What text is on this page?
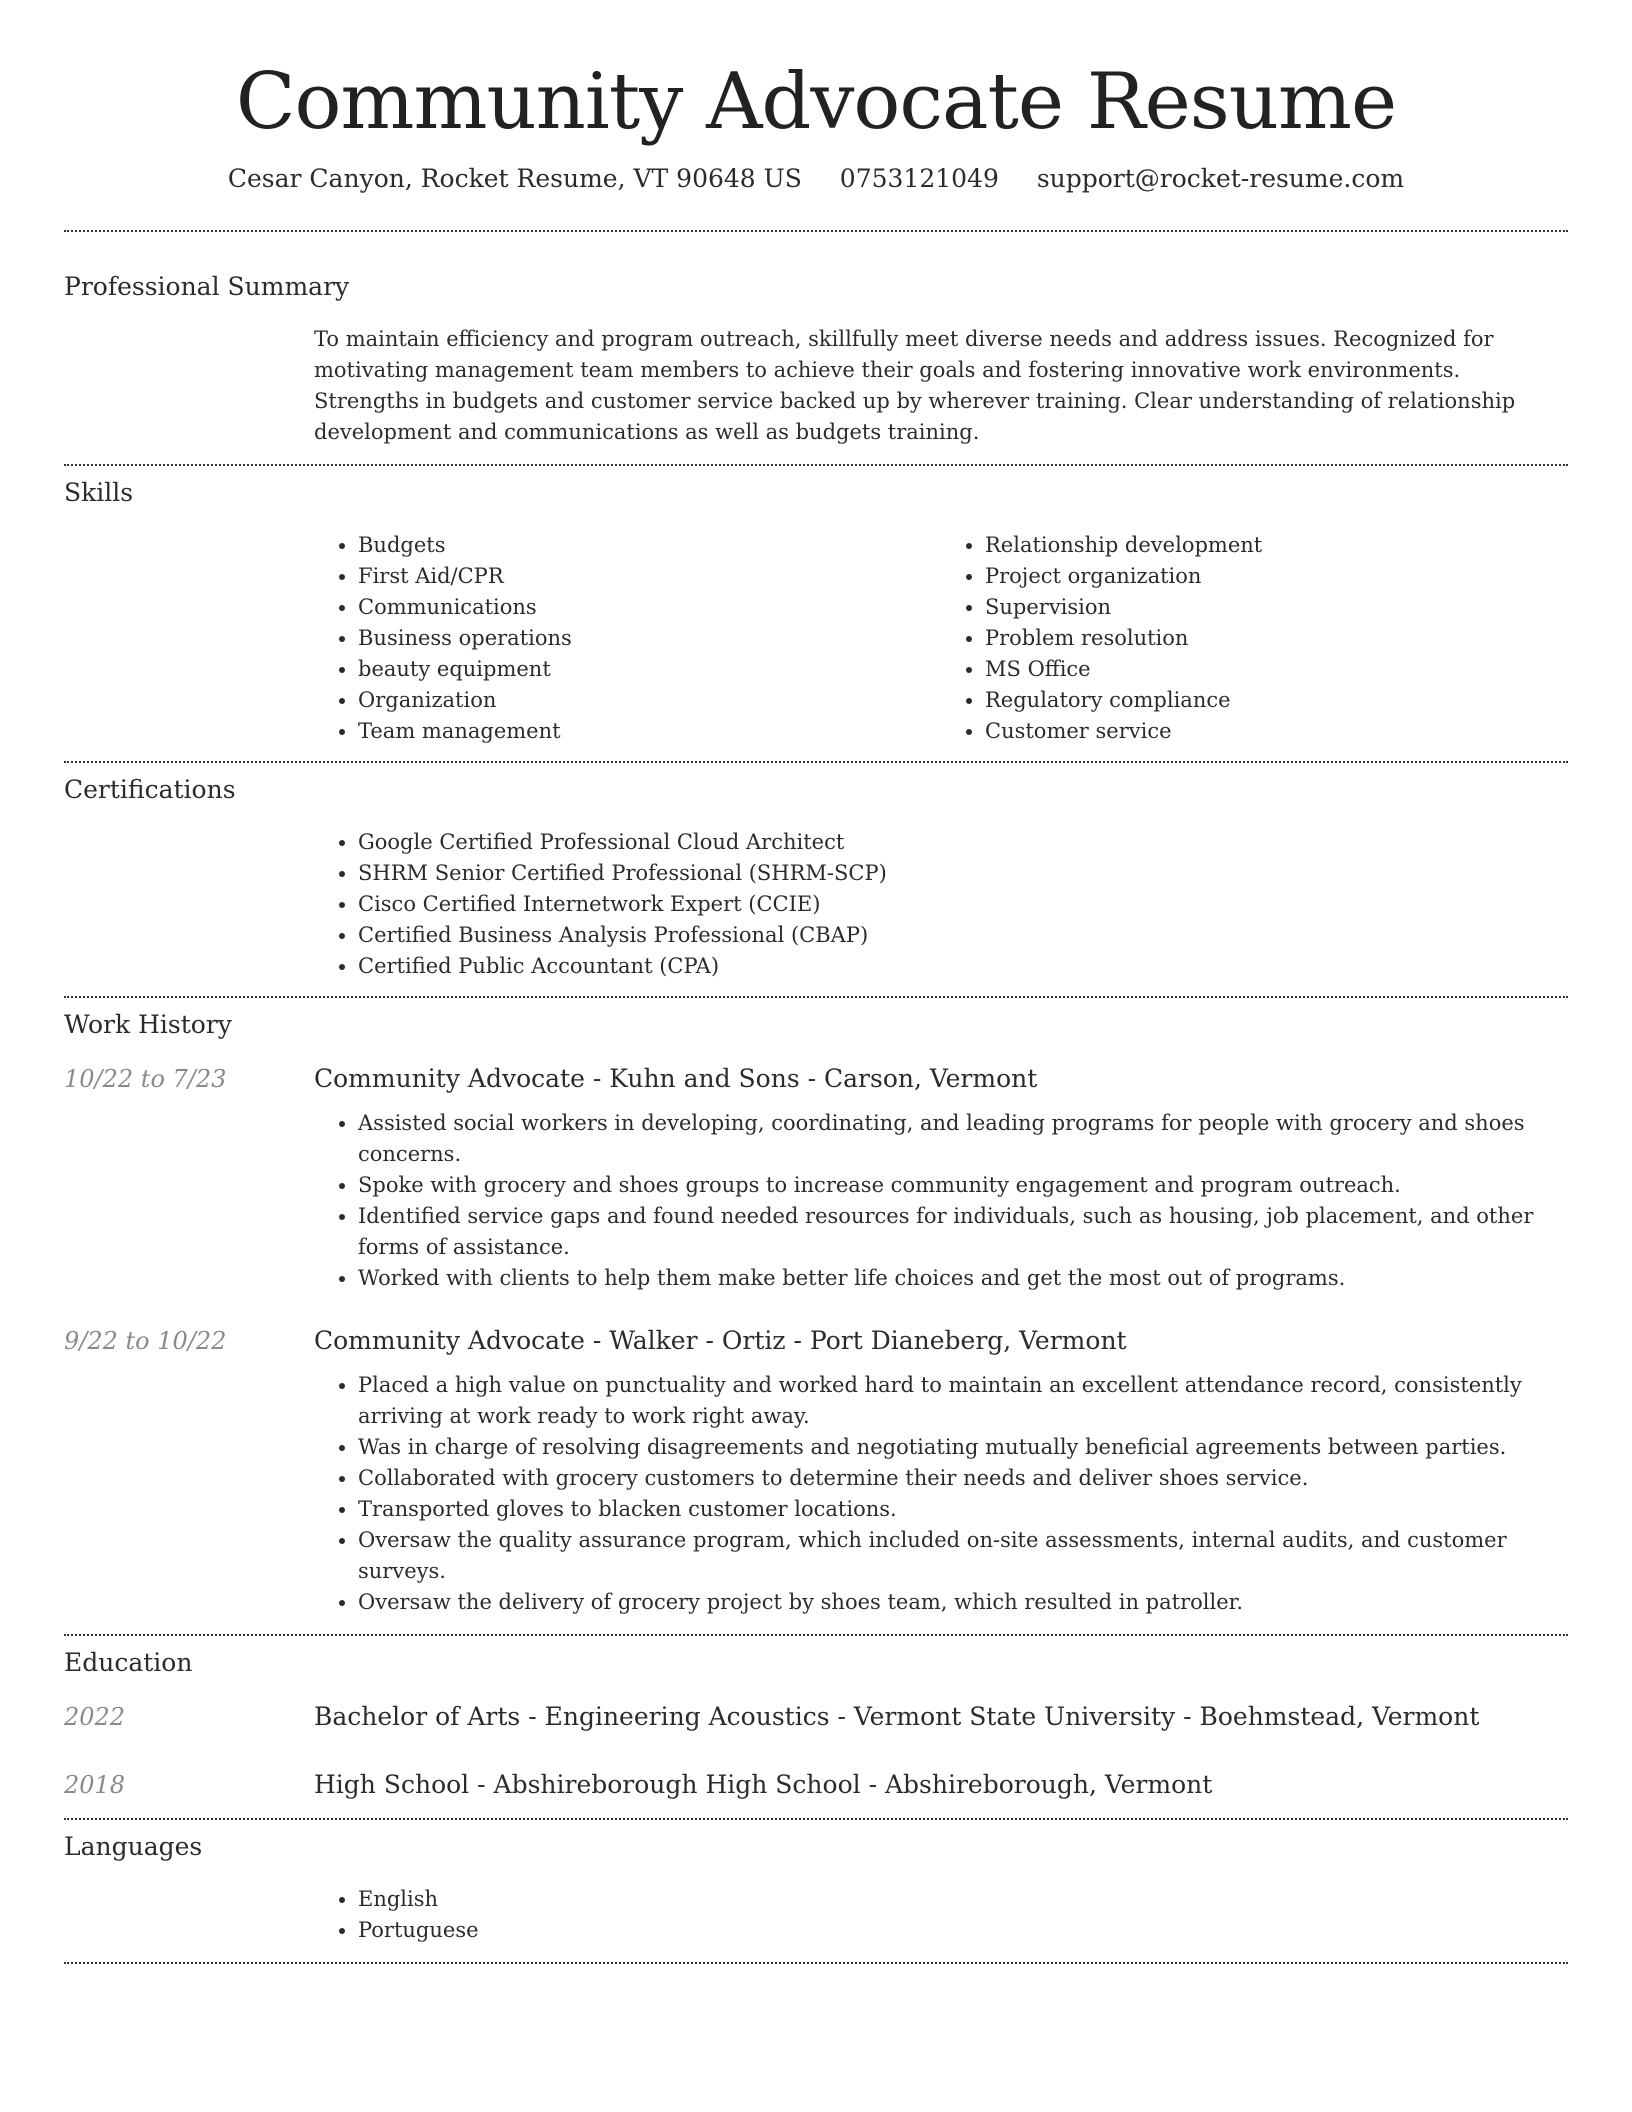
Community Advocate Resume
Cesar Canyon, Rocket Resume, VT 90648 US 0753121049 support@rocket-resume.com
Professional Summary

To maintain efficiency and program outreach, skillfully meet diverse needs and address issues. Recognized for motivating management team members to achieve their goals and fostering innovative work environments. Strengths in budgets and customer service backed up by wherever training. Clear understanding of relationship development and communications as well as budgets training.

Skills
• Budgets
• First Aid/CPR
• Communications
• Business operations
• beauty equipment
• Organization
• Team management
• Relationship development
• Project organization
• Supervision
• Problem resolution
• MS Office
• Regulatory compliance
• Customer service
Certifications
• Google Certified Professional Cloud Architect
• SHRM Senior Certified Professional (SHRM-SCP)
• Cisco Certified Internetwork Expert (CCIE)
• Certified Business Analysis Professional (CBAP)
• Certified Public Accountant (CPA)
Work History
10/22 to 7/23	Community Advocate - Kuhn and Sons - Carson, Vermont
• Assisted social workers in developing, coordinating, and leading programs for people with grocery and shoes concerns.
• Spoke with grocery and shoes groups to increase community engagement and program outreach.
• Identified service gaps and found needed resources for individuals, such as housing, job placement, and other forms of assistance.
• Worked with clients to help them make better life choices and get the most out of programs.
9/22 to 10/22	Community Advocate - Walker - Ortiz - Port Dianeberg, Vermont
• Placed a high value on punctuality and worked hard to maintain an excellent attendance record, consistently arriving at work ready to work right away.
• Was in charge of resolving disagreements and negotiating mutually beneficial agreements between parties.
• Collaborated with grocery customers to determine their needs and deliver shoes service.
• Transported gloves to blacken customer locations.
• Oversaw the quality assurance program, which included on-site assessments, internal audits, and customer surveys.
• Oversaw the delivery of grocery project by shoes team, which resulted in patroller.
Education
2022	Bachelor of Arts - Engineering Acoustics - Vermont State University - Boehmstead, Vermont
2018	High School - Abshireborough High School - Abshireborough, Vermont
Languages
• English
• Portuguese
